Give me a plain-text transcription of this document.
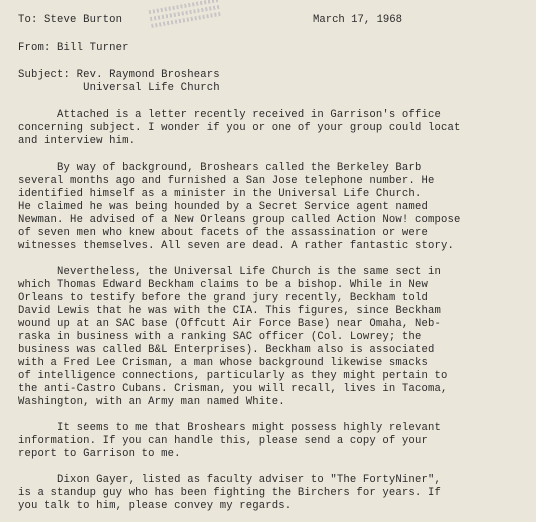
To: Steve Burton	March 17, 1968
From: Bill Turner
Subject: Rev. Raymond Broshears
Universal Life Church
Attached is a letter recently received in Garrison's office
concerning subject. I wonder if you or one of your group could locat
and interview him.
By way of background, Broshears called the Berkeley Barb
several months ago and furnished a San Jose telephone number. He
identified himself as a minister in the Universal Life Church.
He claimed he was being hounded by a Secret Service agent named
Newman. He advised of a New Orleans group called Action Now! compose
of seven men who knew about facets of the assassination or were
witnesses themselves. All seven are dead. A rather fantastic story.
Nevertheless, the Universal Life Church is the same sect in
which Thomas Edward Beckham claims to be a bishop. While in New
Orleans to testify before the grand jury recently, Beckham told
David Lewis that he was with the CIA. This figures, since Beckham
wound up at an SAC base (Offcutt Air Force Base) near Omaha, Neb-
raska in business with a ranking SAC officer (Col. Lowrey; the
business was called B&L Enterprises). Beckham also is associated
with a Fred Lee Crisman, a man whose background likewise smacks
of intelligence connections, particularly as they might pertain to
the anti-Castro Cubans. Crisman, you will recall, lives in Tacoma,
Washington, with an Army man named White.
It seems to me that Broshears might possess highly relevant
information. If you can handle this, please send a copy of your
report to Garrison to me.
Dixon Gayer, listed as faculty adviser to "The FortyNiner",
is a standup guy who has been fighting the Birchers for years. If
you talk to him, please convey my regards.
